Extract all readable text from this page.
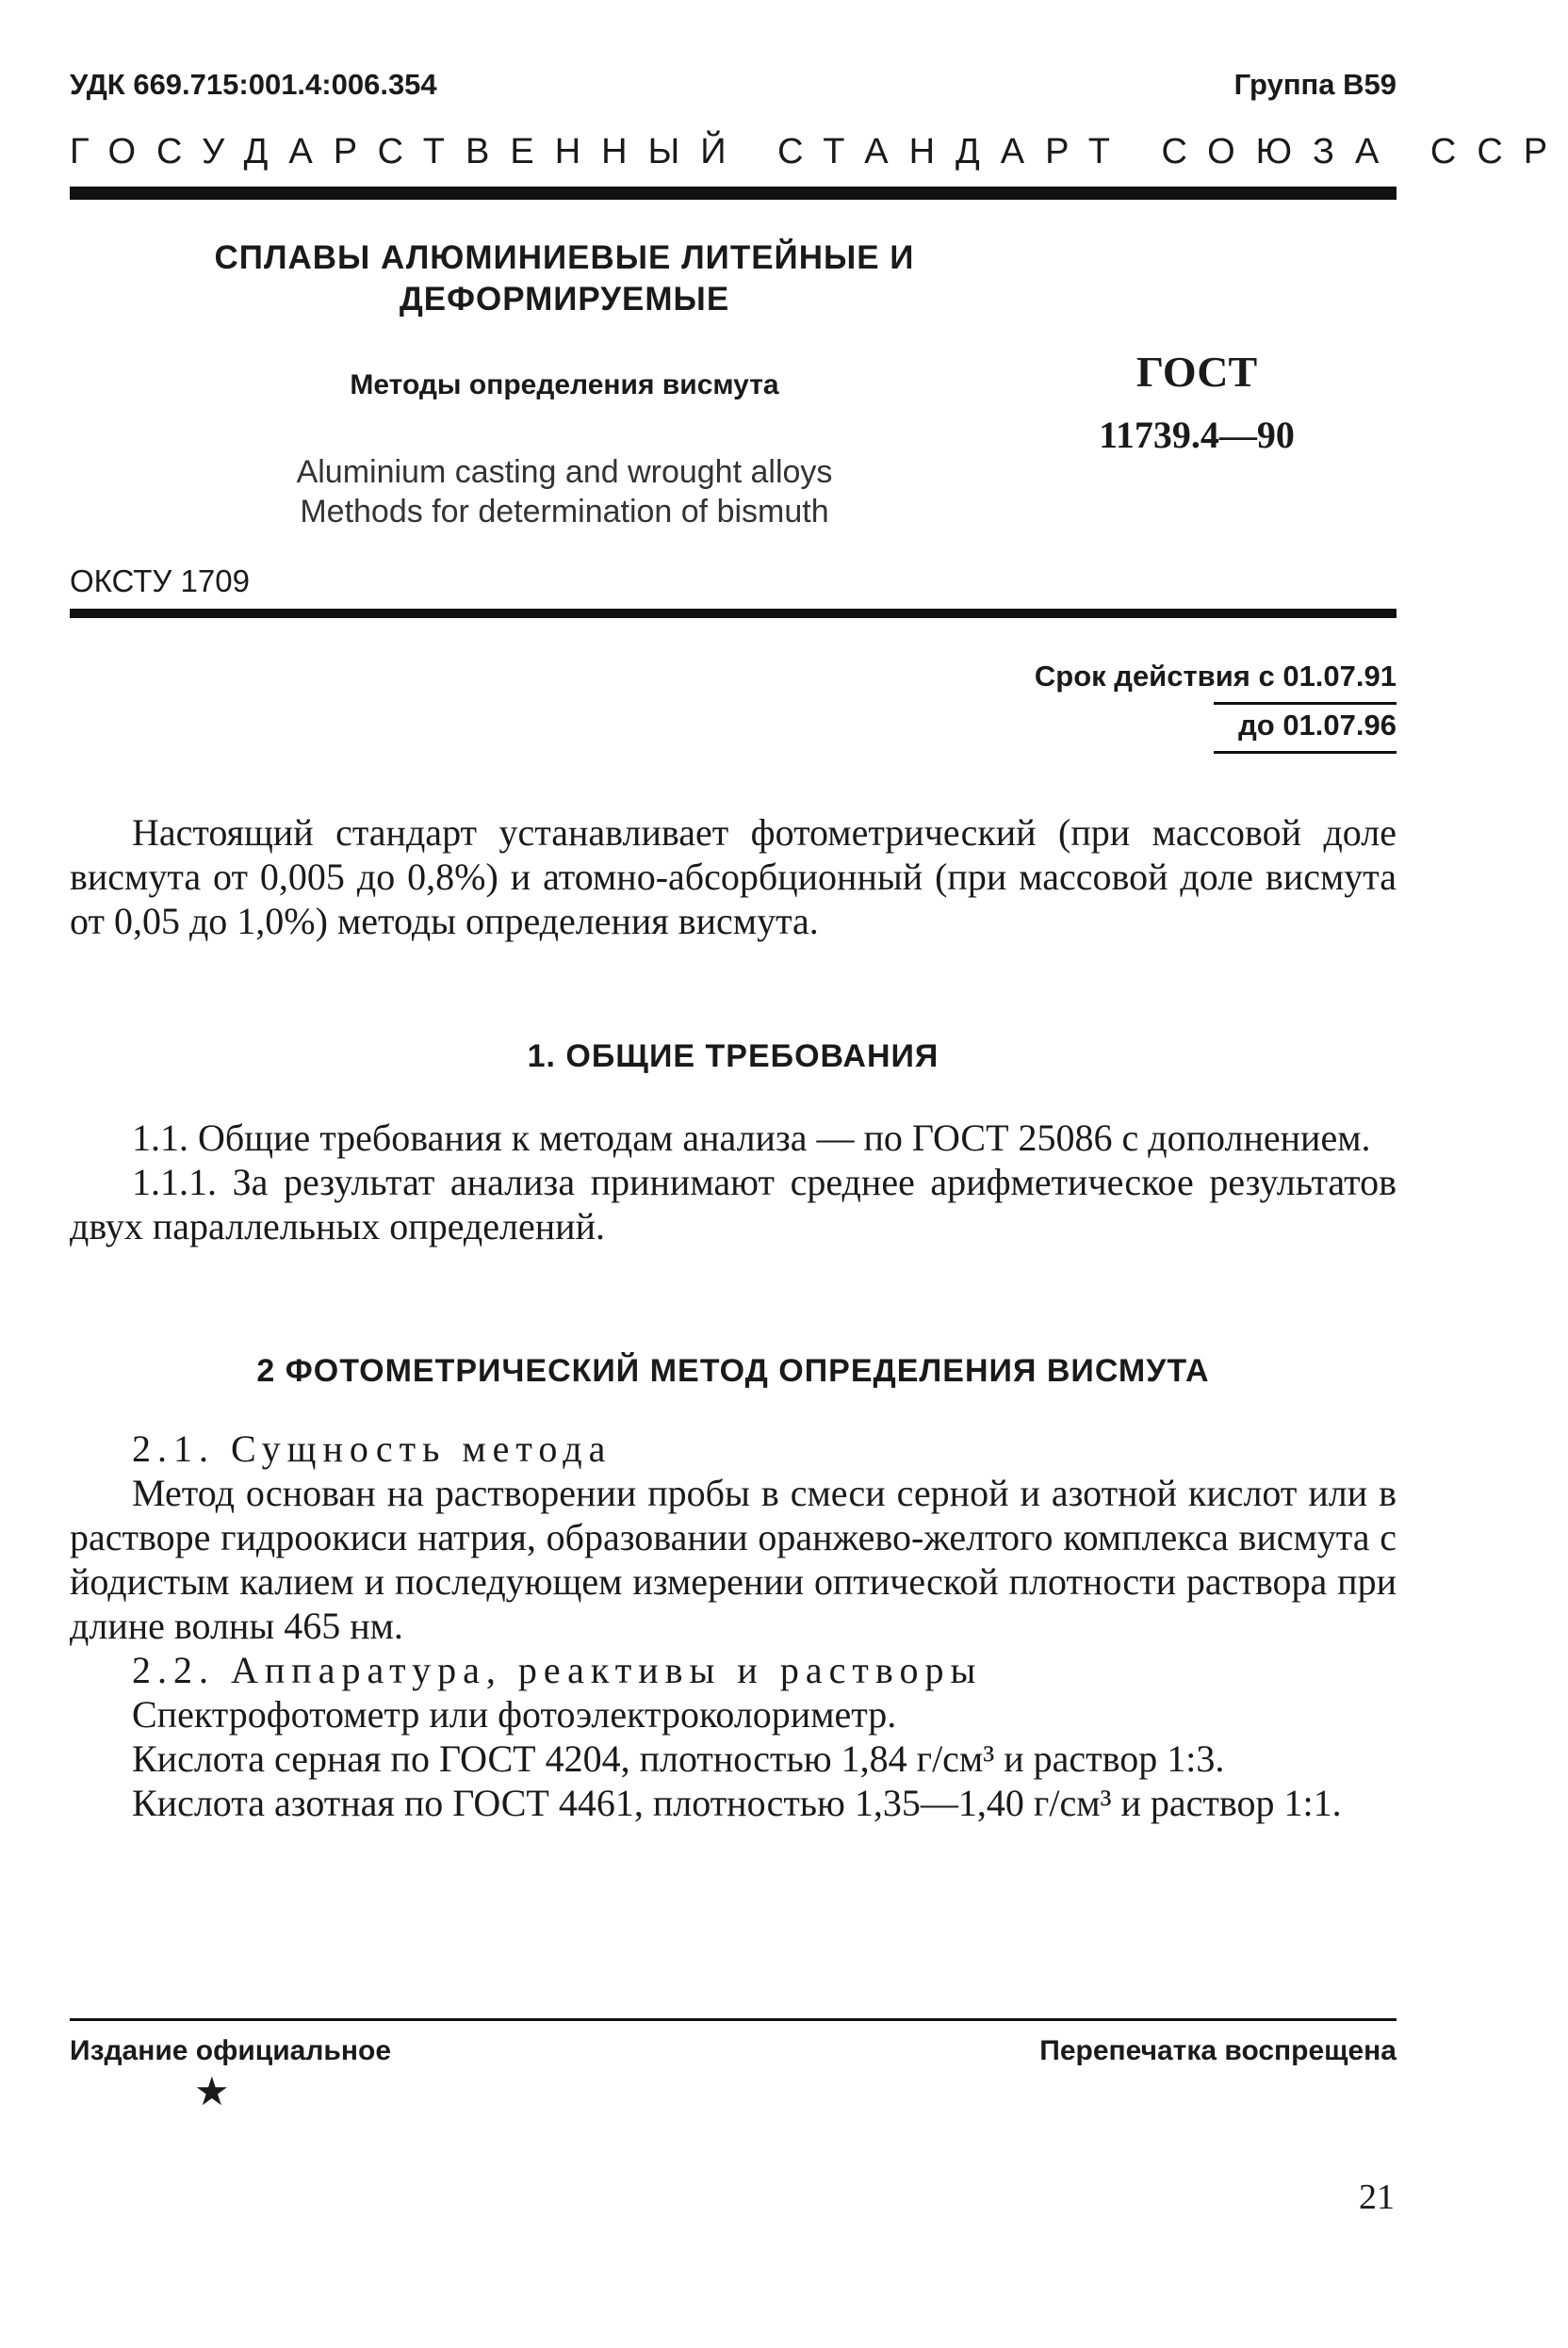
УДК 669.715:001.4:006.354	Группа В59
ГОСУДАРСТВЕННЫЙ СТАНДАРТ СОЮЗА ССР
СПЛАВЫ АЛЮМИНИЕВЫЕ ЛИТЕЙНЫЕ И
ДЕФОРМИРУЕМЫЕ
Методы определения висмута
Aluminium casting and wrought alloys
Methods for determination of bismuth
ГОСТ
11739.4—90
ОКСТУ 1709
Срок действия с 01.07.91
до 01.07.96

Настоящий стандарт устанавливает фотометрический (при массовой доле висмута от 0,005 до 0,8%) и атомно-абсорбционный (при массовой доле висмута от 0,05 до 1,0%) методы определения висмута.

1. ОБЩИЕ ТРЕБОВАНИЯ

1.1. Общие требования к методам анализа — по ГОСТ 25086 с дополнением.

1.1.1. За результат анализа принимают среднее арифметическое результатов двух параллельных определений.

2 ФОТОМЕТРИЧЕСКИЙ МЕТОД ОПРЕДЕЛЕНИЯ ВИСМУТА

2.1. Сущность метода

Метод основан на растворении пробы в смеси серной и азотной кислот или в растворе гидроокиси натрия, образовании оранжево-желтого комплекса висмута с йодистым калием и последующем измерении оптической плотности раствора при длине волны 465 нм.

2.2. Аппаратура, реактивы и растворы

Спектрофотометр или фотоэлектроколориметр.

Кислота серная по ГОСТ 4204, плотностью 1,84 г/см³ и раствор 1:3.

Кислота азотная по ГОСТ 4461, плотностью 1,35—1,40 г/см³ и раствор 1:1.

Издание официальное
★
Перепечатка воспрещена
21
